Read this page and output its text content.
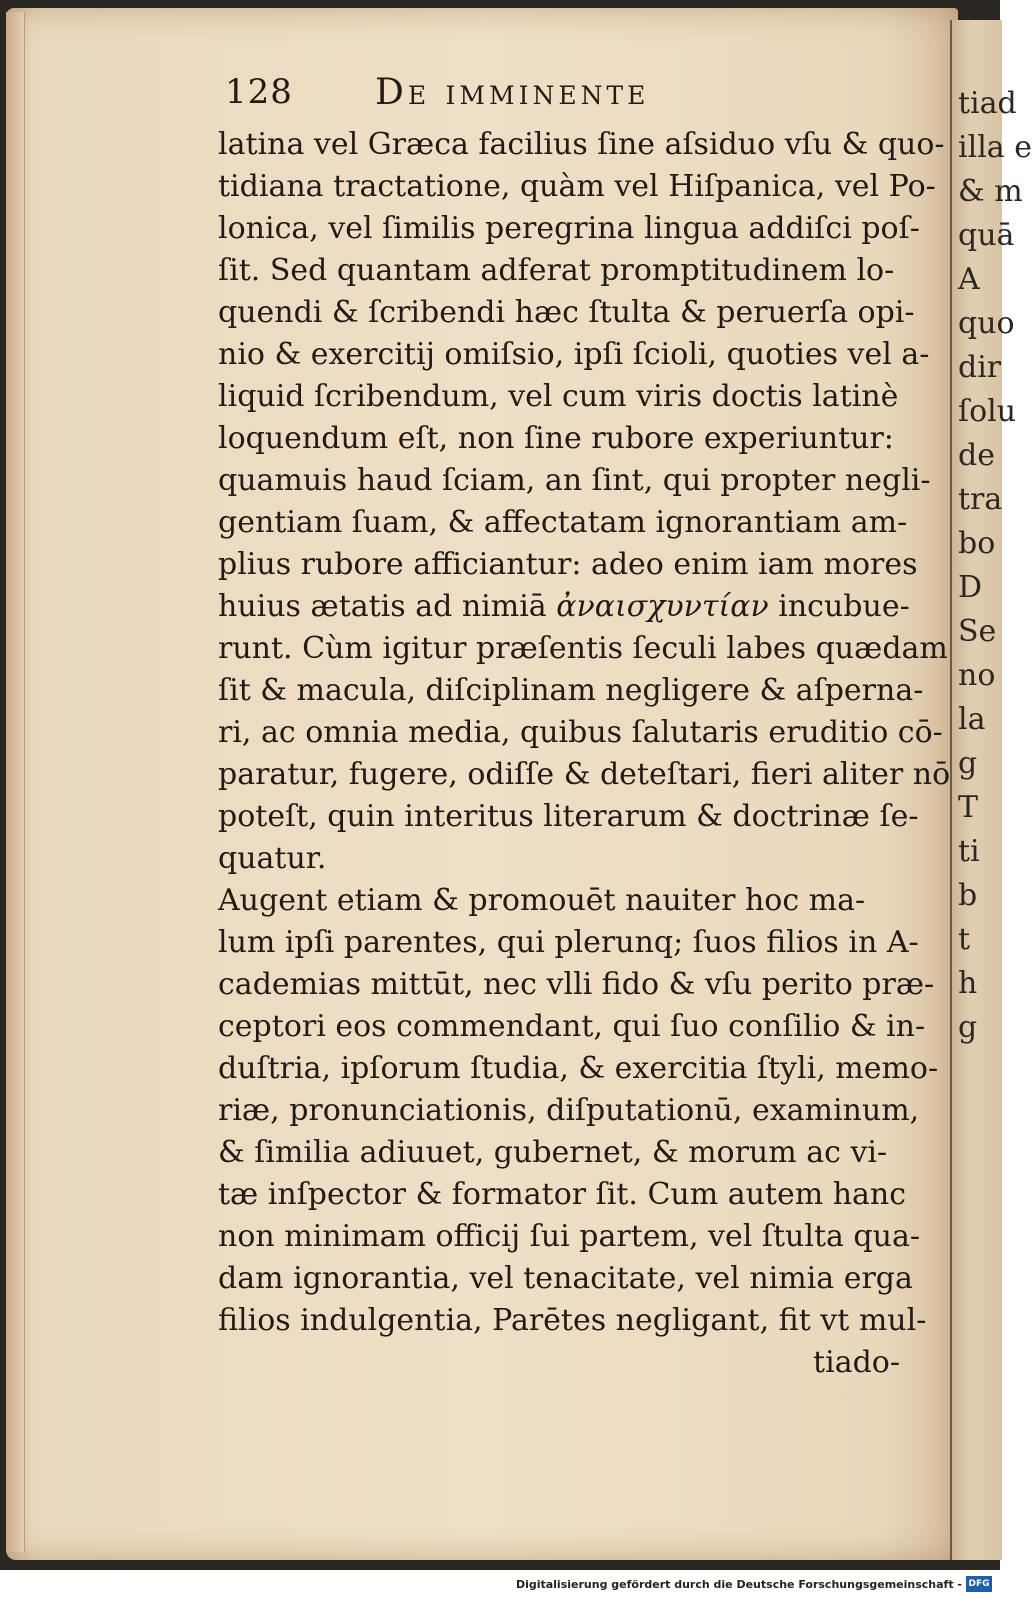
tiad
illa e
& m
quā
A
quo
dir
ſolu
de
tra
bo
D
Se
no
la
g
T
ti
b
t
h
g
128 De imminente
latina vel Græca facilius ſine aſsiduo vſu & quo-
tidiana tractatione, quàm vel Hiſpanica, vel Po-
lonica, vel ſimilis peregrina lingua addiſci poſ-
ſit. Sed quantam adferat promptitudinem lo-
quendi & ſcribendi hæc ſtulta & peruerſa opi-
nio & exercitij omiſsio, ipſi ſcioli, quoties vel a-
liquid ſcribendum, vel cum viris doctis latinè
loquendum eſt, non ſine rubore experiuntur:
quamuis haud ſciam, an ſint, qui propter negli-
gentiam ſuam, & affectatam ignorantiam am-
plius rubore afficiantur: adeo enim iam mores
huius ætatis ad nimiā ἀναισχυντίαν incubue-
runt. Cùm igitur præſentis ſeculi labes quædam
ſit & macula, diſciplinam negligere & aſperna-
ri, ac omnia media, quibus ſalutaris eruditio cō-
paratur, fugere, odiſſe & deteſtari, fieri aliter nō
poteſt, quin interitus literarum & doctrinæ ſe-
quatur.
Augent etiam & promouēt nauiter hoc ma-
lum ipſi parentes, qui plerunq; ſuos filios in A-
cademias mittūt, nec vlli fido & vſu perito præ-
ceptori eos commendant, qui ſuo conſilio & in-
duſtria, ipſorum ſtudia, & exercitia ſtyli, memo-
riæ, pronunciationis, diſputationū, examinum,
& ſimilia adiuuet, gubernet, & morum ac vi-
tæ inſpector & formator ſit. Cum autem hanc
non minimam officij ſui partem, vel ſtulta qua-
dam ignorantia, vel tenacitate, vel nimia erga
filios indulgentia, Parētes negligant, fit vt mul-
tiado-
Digitalisierung gefördert durch die Deutsche Forschungsgemeinschaft - DFG
